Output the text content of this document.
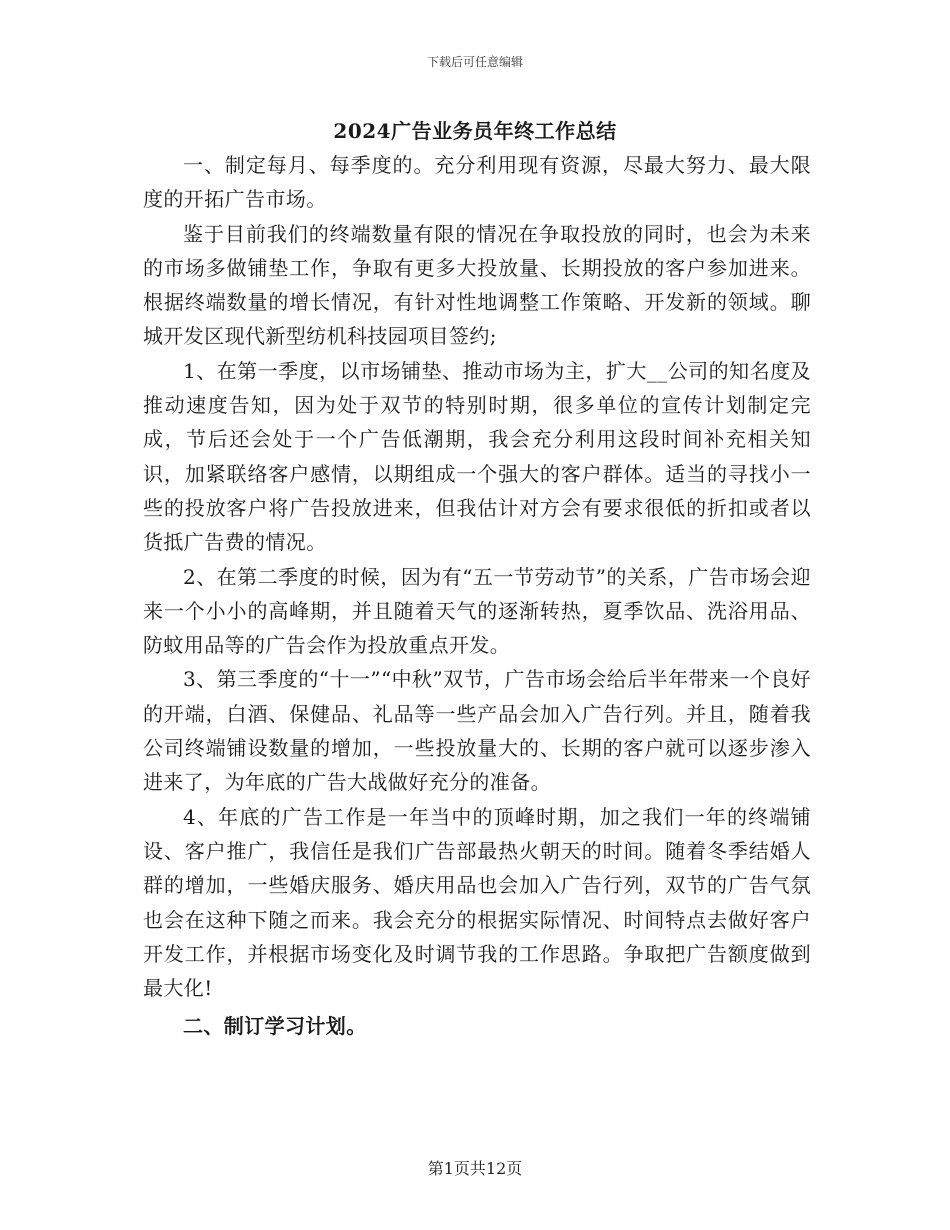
下载后可任意编辑
2024广告业务员年终工作总结

一、制定每月、每季度的。充分利用现有资源，尽最大努力、最大限度的开拓广告市场。

鉴于目前我们的终端数量有限的情况在争取投放的同时，也会为未来的市场多做铺垫工作，争取有更多大投放量、长期投放的客户参加进来。根据终端数量的增长情况，有针对性地调整工作策略、开发新的领域。聊城开发区现代新型纺机科技园项目签约;

1、在第一季度，以市场铺垫、推动市场为主，扩大__公司的知名度及推动速度告知，因为处于双节的特别时期，很多单位的宣传计划制定完成，节后还会处于一个广告低潮期，我会充分利用这段时间补充相关知识，加紧联络客户感情，以期组成一个强大的客户群体。适当的寻找小一些的投放客户将广告投放进来，但我估计对方会有要求很低的折扣或者以货抵广告费的情况。

2、在第二季度的时候，因为有“五一节劳动节”的关系，广告市场会迎来一个小小的高峰期，并且随着天气的逐渐转热，夏季饮品、洗浴用品、防蚊用品等的广告会作为投放重点开发。

3、第三季度的“十一”“中秋”双节，广告市场会给后半年带来一个良好的开端，白酒、保健品、礼品等一些产品会加入广告行列。并且，随着我公司终端铺设数量的增加，一些投放量大的、长期的客户就可以逐步渗入进来了，为年底的广告大战做好充分的准备。

4、年底的广告工作是一年当中的顶峰时期，加之我们一年的终端铺设、客户推广，我信任是我们广告部最热火朝天的时间。随着冬季结婚人群的增加，一些婚庆服务、婚庆用品也会加入广告行列，双节的广告气氛也会在这种下随之而来。我会充分的根据实际情况、时间特点去做好客户开发工作，并根据市场变化及时调节我的工作思路。争取把广告额度做到最大化!

二、制订学习计划。

第1页共12页
